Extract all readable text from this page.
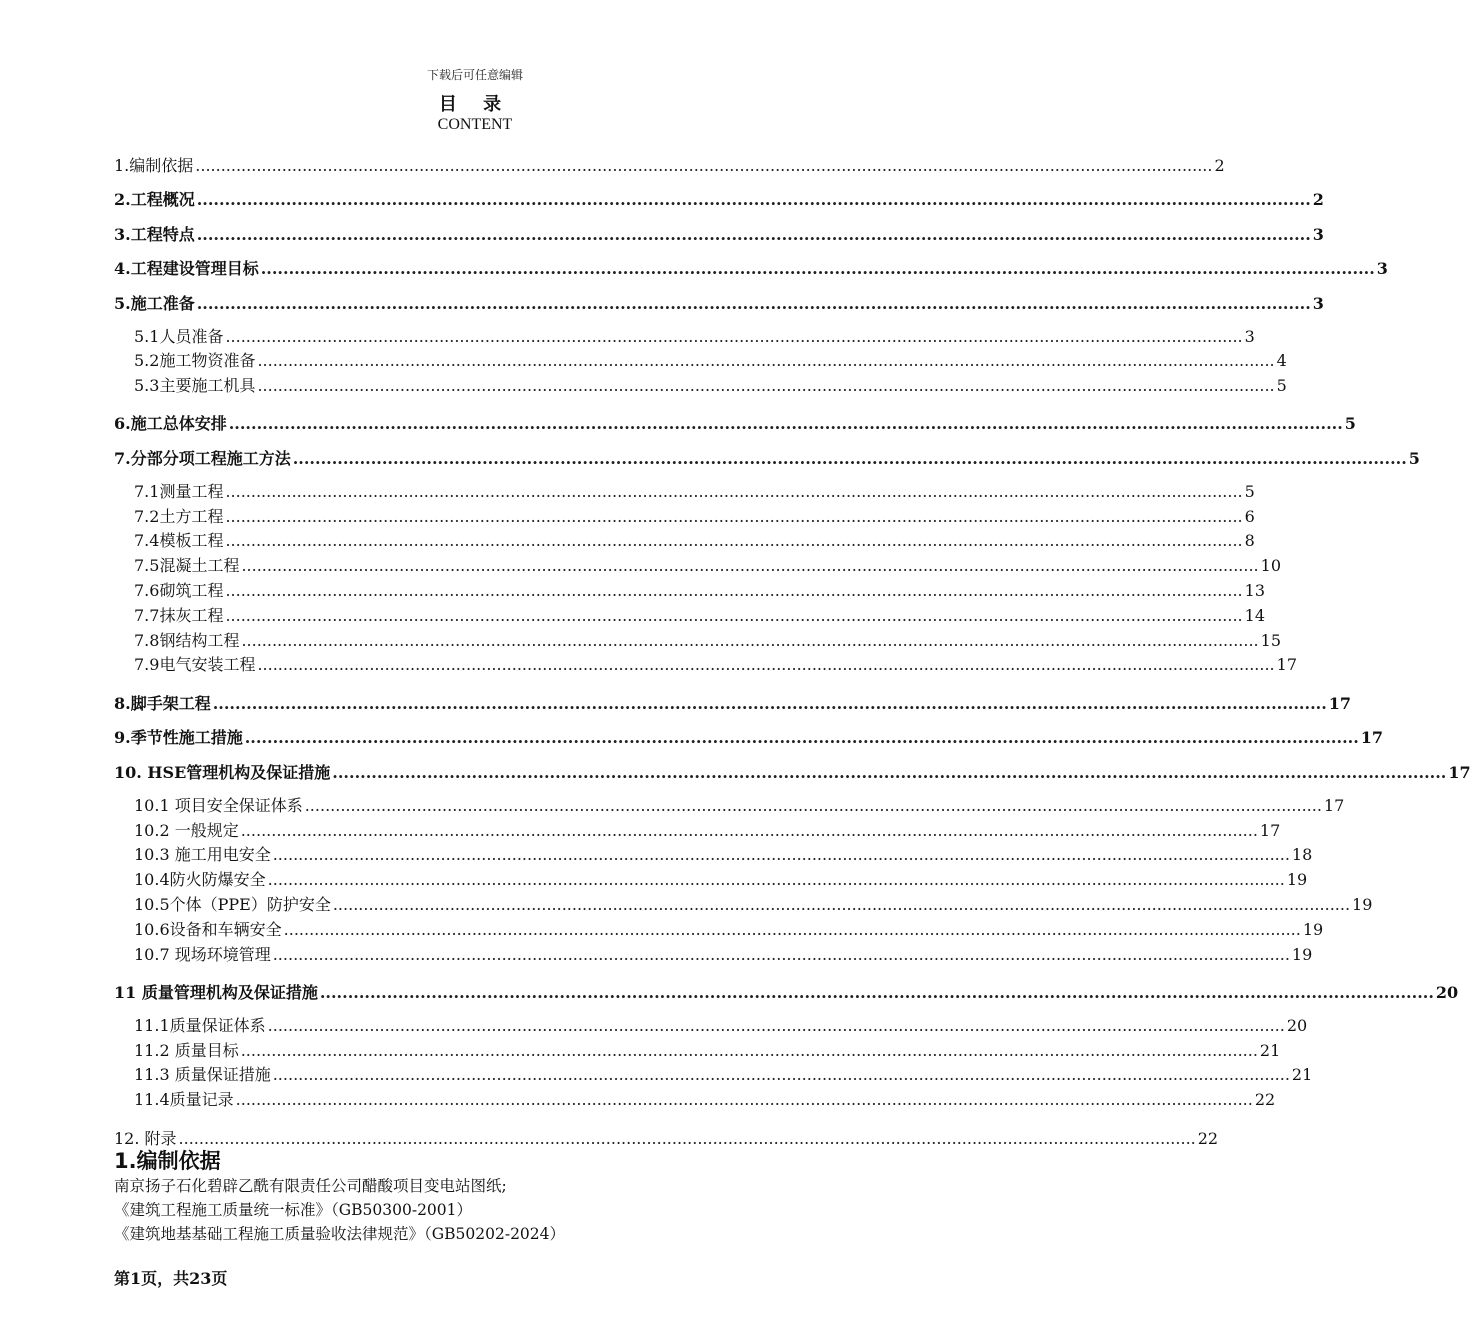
下载后可任意编辑
目 录
CONTENT
1.编制依据 ........................................................................................................................................................................................................ 2
2.工程概况 ........................................................................................................................................................................................................ 2
3.工程特点 ........................................................................................................................................................................................................ 3
4.工程建设管理目标 ........................................................................................................................................................................................................ 3
5.施工准备 ........................................................................................................................................................................................................ 3
5.1人员准备 ........................................................................................................................................................................................................ 3
5.2施工物资准备 ........................................................................................................................................................................................................ 4
5.3主要施工机具 ........................................................................................................................................................................................................ 5
6.施工总体安排 ........................................................................................................................................................................................................ 5
7.分部分项工程施工方法 ........................................................................................................................................................................................................ 5
7.1测量工程 ........................................................................................................................................................................................................ 5
7.2土方工程 ........................................................................................................................................................................................................ 6
7.4模板工程 ........................................................................................................................................................................................................ 8
7.5混凝土工程 ........................................................................................................................................................................................................ 10
7.6砌筑工程 ........................................................................................................................................................................................................ 13
7.7抹灰工程 ........................................................................................................................................................................................................ 14
7.8钢结构工程 ........................................................................................................................................................................................................ 15
7.9电气安装工程 ........................................................................................................................................................................................................ 17
8.脚手架工程 ........................................................................................................................................................................................................ 17
9.季节性施工措施 ........................................................................................................................................................................................................ 17
10. HSE管理机构及保证措施 ........................................................................................................................................................................................................ 17
10.1 项目安全保证体系 ........................................................................................................................................................................................................ 17
10.2 一般规定 ........................................................................................................................................................................................................ 17
10.3 施工用电安全 ........................................................................................................................................................................................................ 18
10.4防火防爆安全 ........................................................................................................................................................................................................ 19
10.5个体（PPE）防护安全 ........................................................................................................................................................................................................ 19
10.6设备和车辆安全 ........................................................................................................................................................................................................ 19
10.7 现场环境管理 ........................................................................................................................................................................................................ 19
11 质量管理机构及保证措施 ........................................................................................................................................................................................................ 20
11.1质量保证体系 ........................................................................................................................................................................................................ 20
11.2 质量目标 ........................................................................................................................................................................................................ 21
11.3 质量保证措施 ........................................................................................................................................................................................................ 21
11.4质量记录 ........................................................................................................................................................................................................ 22
12. 附录 ........................................................................................................................................................................................................ 22
1.编制依据
南京扬子石化碧辟乙酰有限责任公司醋酸项目变电站图纸;
《建筑工程施工质量统一标准》（GB50300-2001）
《建筑地基基础工程施工质量验收法律规范》（GB50202-2024）
第1页，共23页
